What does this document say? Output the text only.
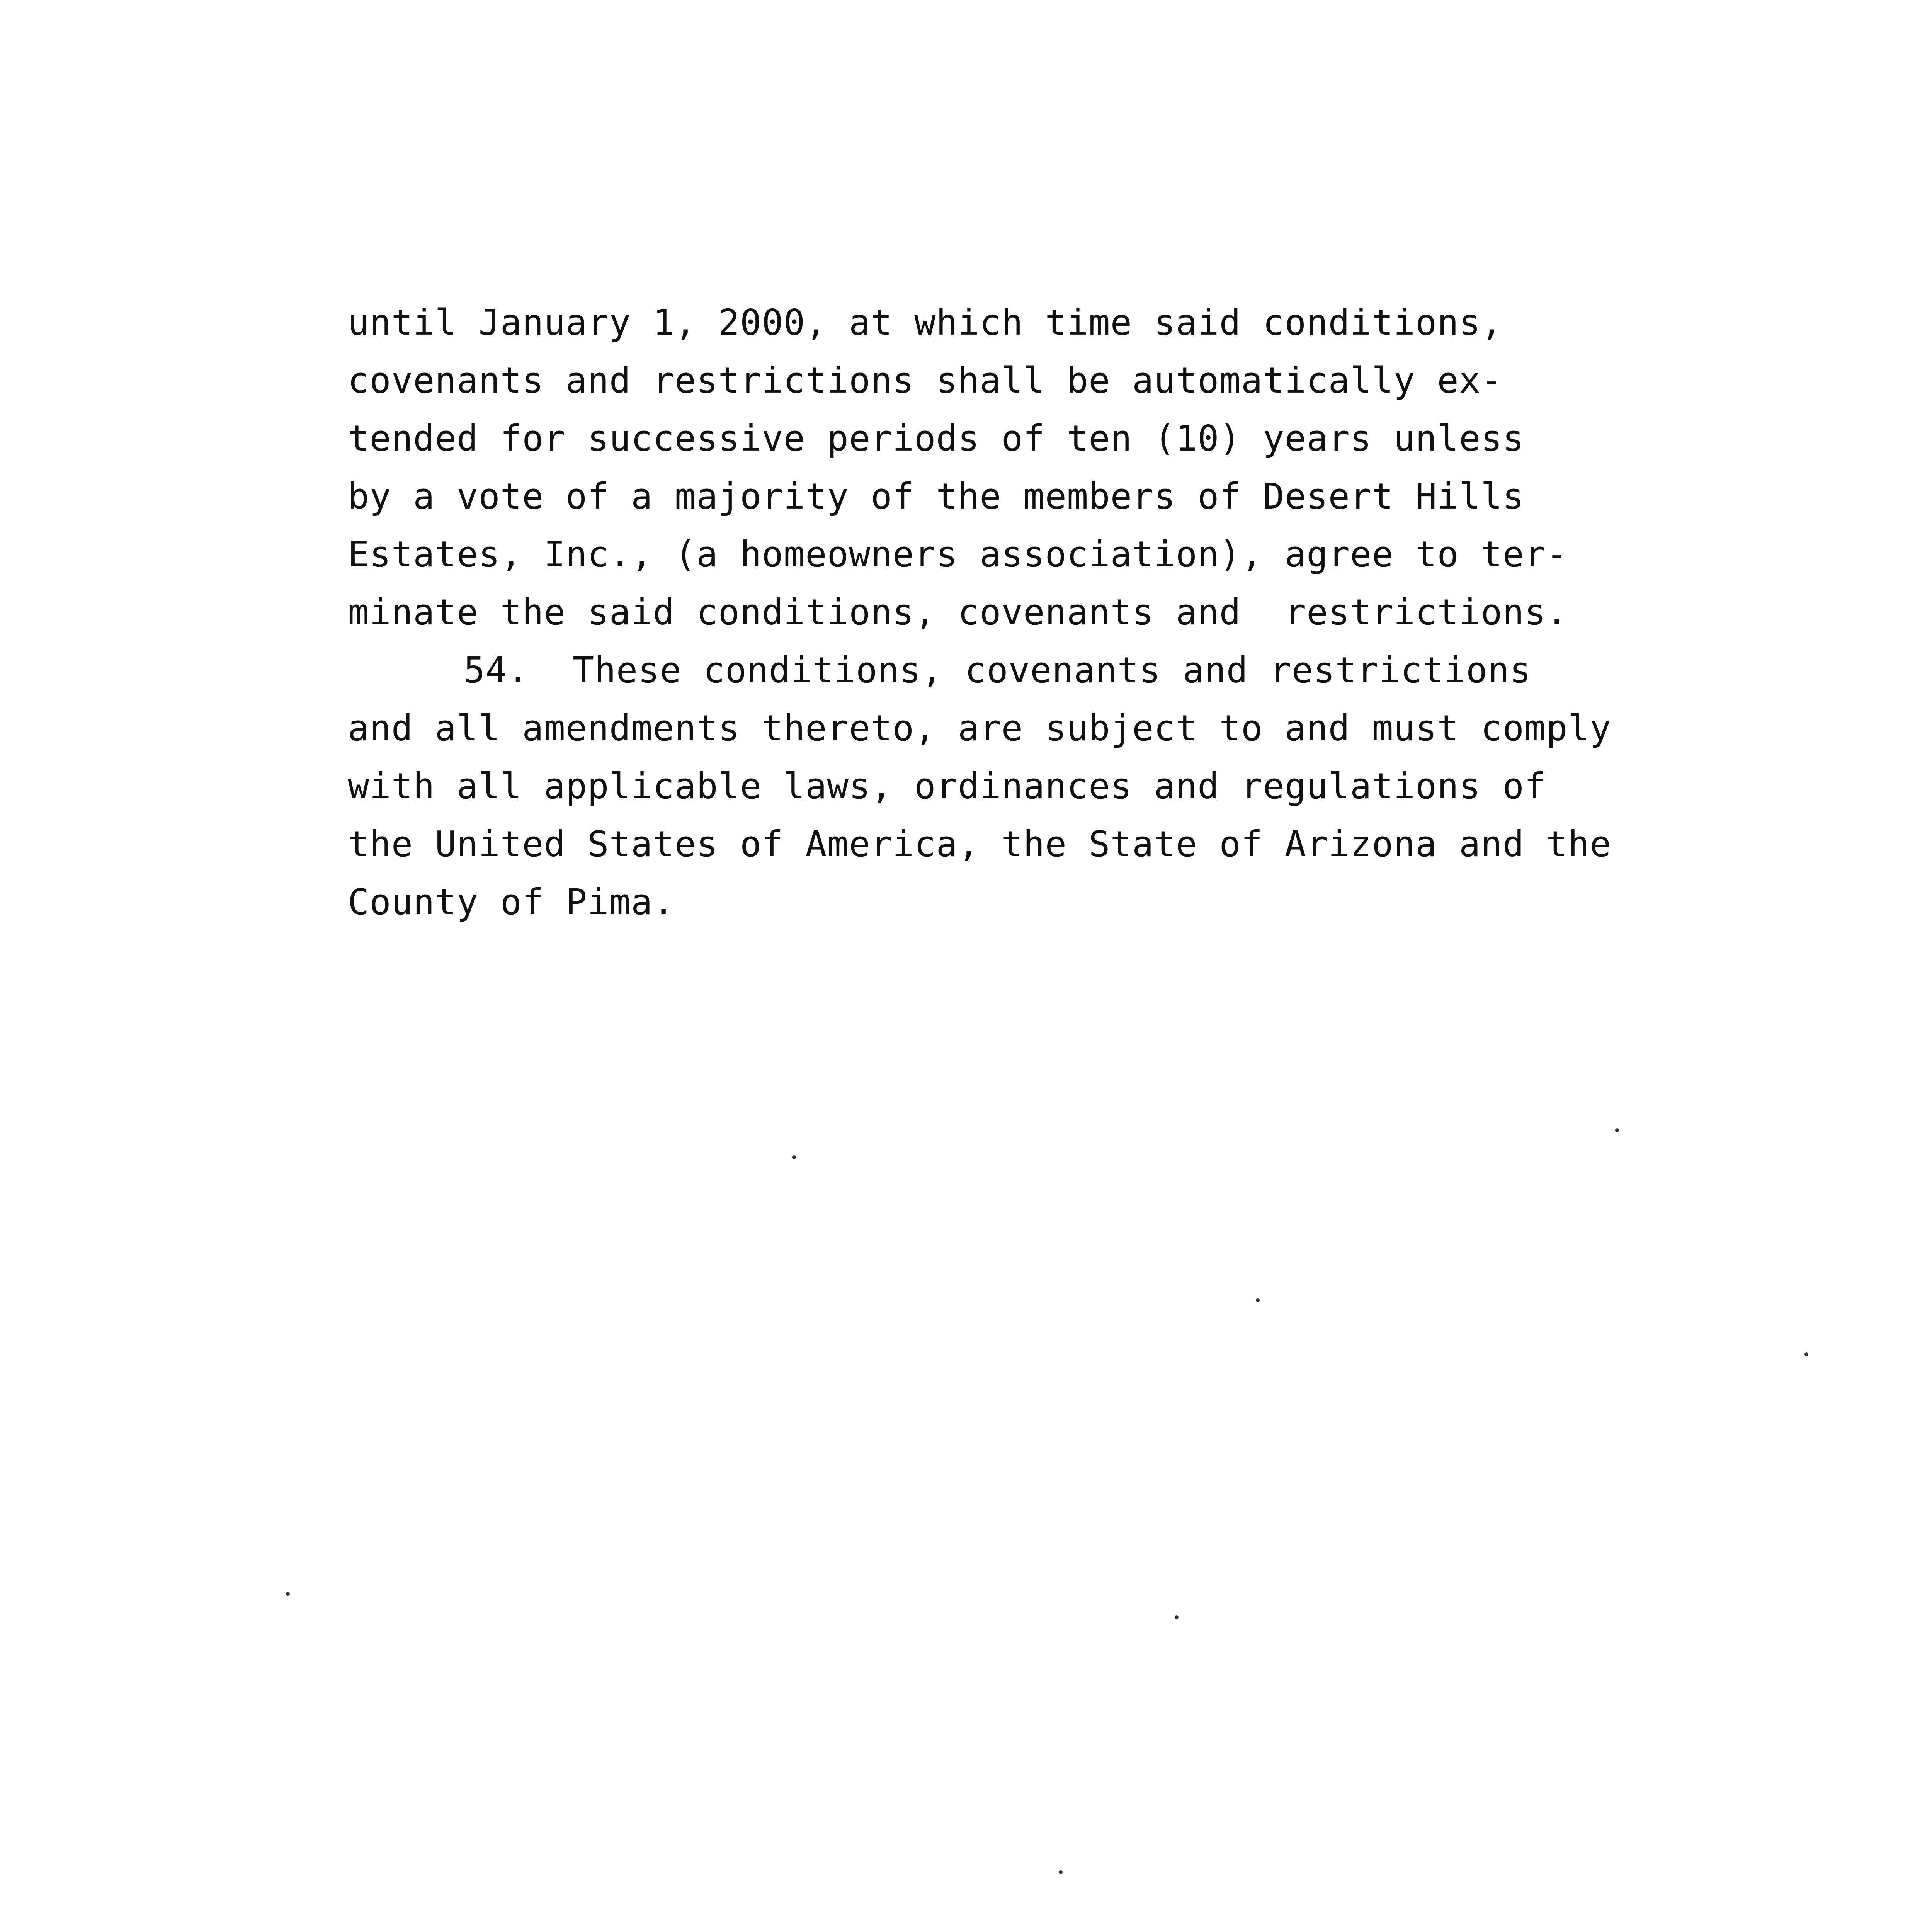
until January 1, 2000, at which time said conditions,
covenants and restrictions shall be automatically ex-
tended for successive periods of ten (10) years unless
by a vote of a majority of the members of Desert Hills
Estates, Inc., (a homeowners association), agree to ter-
minate the said conditions, covenants and  restrictions.
54.  These conditions, covenants and restrictions
and all amendments thereto, are subject to and must comply
with all applicable laws, ordinances and regulations of
the United States of America, the State of Arizona and the
County of Pima.
